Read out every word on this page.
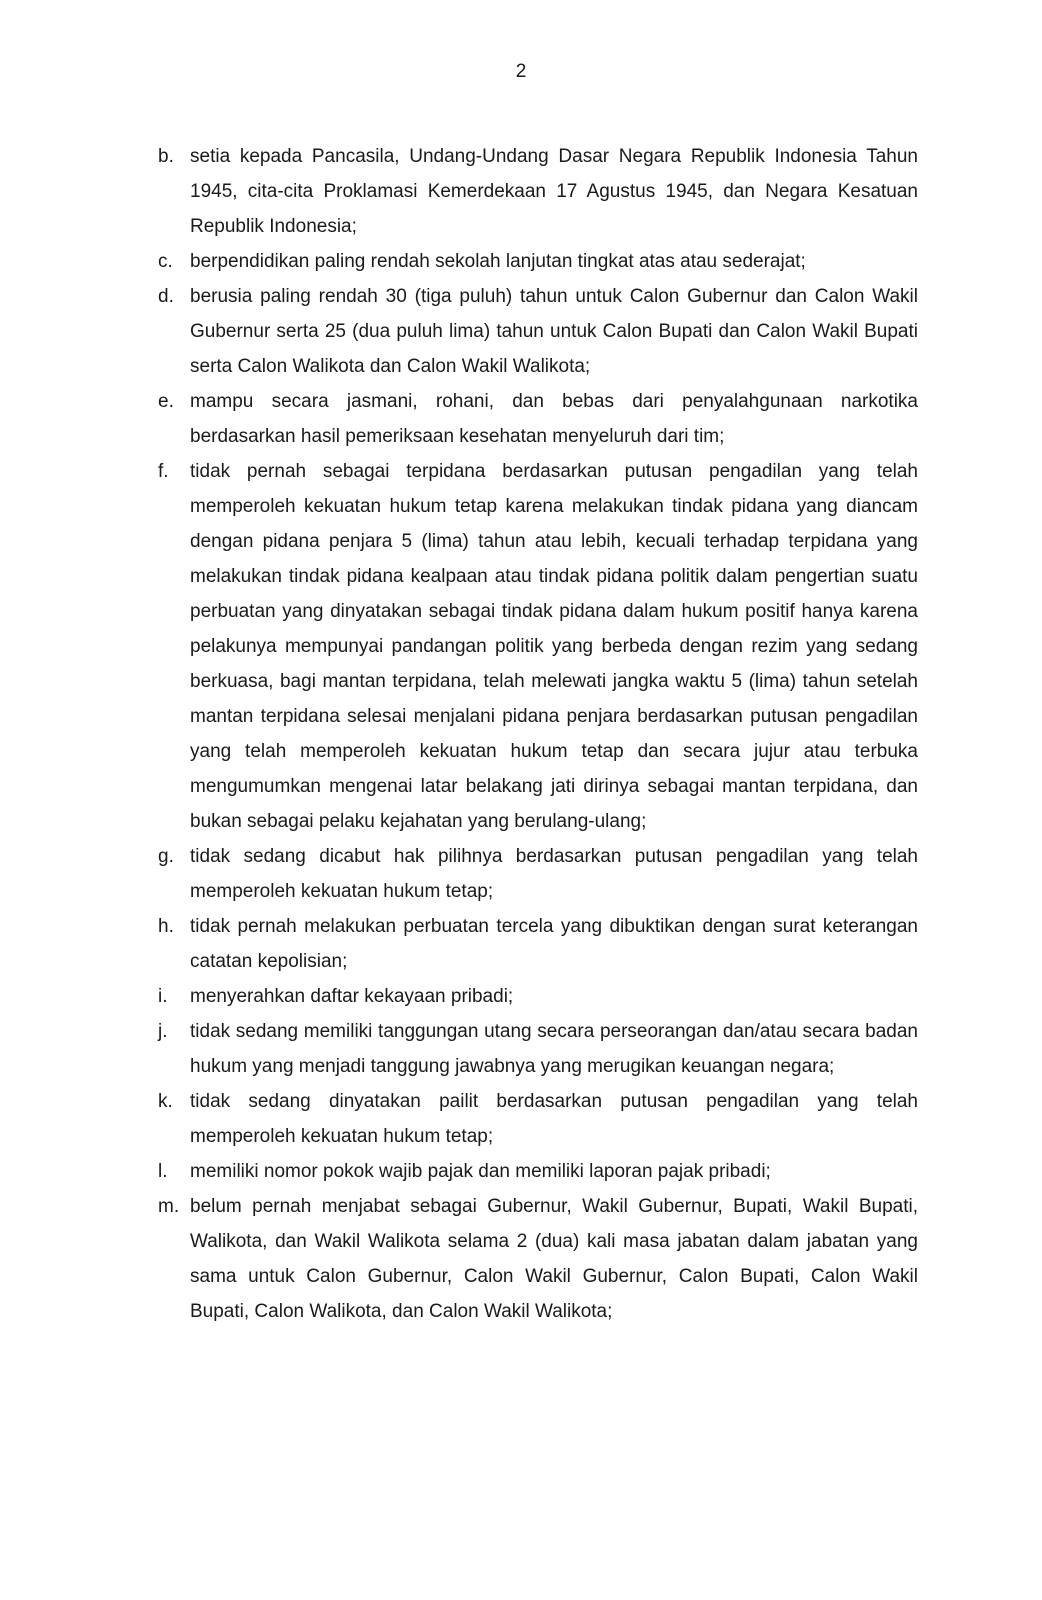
2
b. setia kepada Pancasila, Undang-Undang Dasar Negara Republik Indonesia Tahun 1945, cita-cita Proklamasi Kemerdekaan 17 Agustus 1945, dan Negara Kesatuan Republik Indonesia;
c. berpendidikan paling rendah sekolah lanjutan tingkat atas atau sederajat;
d. berusia paling rendah 30 (tiga puluh) tahun untuk Calon Gubernur dan Calon Wakil Gubernur serta 25 (dua puluh lima) tahun untuk Calon Bupati dan Calon Wakil Bupati serta Calon Walikota dan Calon Wakil Walikota;
e. mampu secara jasmani, rohani, dan bebas dari penyalahgunaan narkotika berdasarkan hasil pemeriksaan kesehatan menyeluruh dari tim;
f.	tidak pernah sebagai terpidana berdasarkan putusan pengadilan yang telah memperoleh kekuatan hukum tetap karena melakukan tindak pidana yang diancam dengan pidana penjara 5 (lima) tahun atau lebih, kecuali terhadap terpidana yang melakukan tindak pidana kealpaan atau tindak pidana politik dalam pengertian suatu perbuatan yang dinyatakan sebagai tindak pidana dalam hukum positif hanya karena pelakunya mempunyai pandangan politik yang berbeda dengan rezim yang sedang berkuasa, bagi mantan terpidana, telah melewati jangka waktu 5 (lima) tahun setelah mantan terpidana selesai menjalani pidana penjara berdasarkan putusan pengadilan yang telah memperoleh kekuatan hukum tetap dan secara jujur atau terbuka mengumumkan mengenai latar belakang jati dirinya sebagai mantan terpidana, dan bukan sebagai pelaku kejahatan yang berulang-ulang;
g. tidak sedang dicabut hak pilihnya berdasarkan putusan pengadilan yang telah memperoleh kekuatan hukum tetap;
h. tidak pernah melakukan perbuatan tercela yang dibuktikan dengan surat keterangan catatan kepolisian;
i.	menyerahkan daftar kekayaan pribadi;
j.	tidak sedang memiliki tanggungan utang secara perseorangan dan/atau secara badan hukum yang menjadi tanggung jawabnya yang merugikan keuangan negara;
k. tidak sedang dinyatakan pailit berdasarkan putusan pengadilan yang telah memperoleh kekuatan hukum tetap;
l.	memiliki nomor pokok wajib pajak dan memiliki laporan pajak pribadi;
m. belum pernah menjabat sebagai Gubernur, Wakil Gubernur, Bupati, Wakil Bupati, Walikota, dan Wakil Walikota selama 2 (dua) kali masa jabatan dalam jabatan yang sama untuk Calon Gubernur, Calon Wakil Gubernur, Calon Bupati, Calon Wakil Bupati, Calon Walikota, dan Calon Wakil Walikota;
